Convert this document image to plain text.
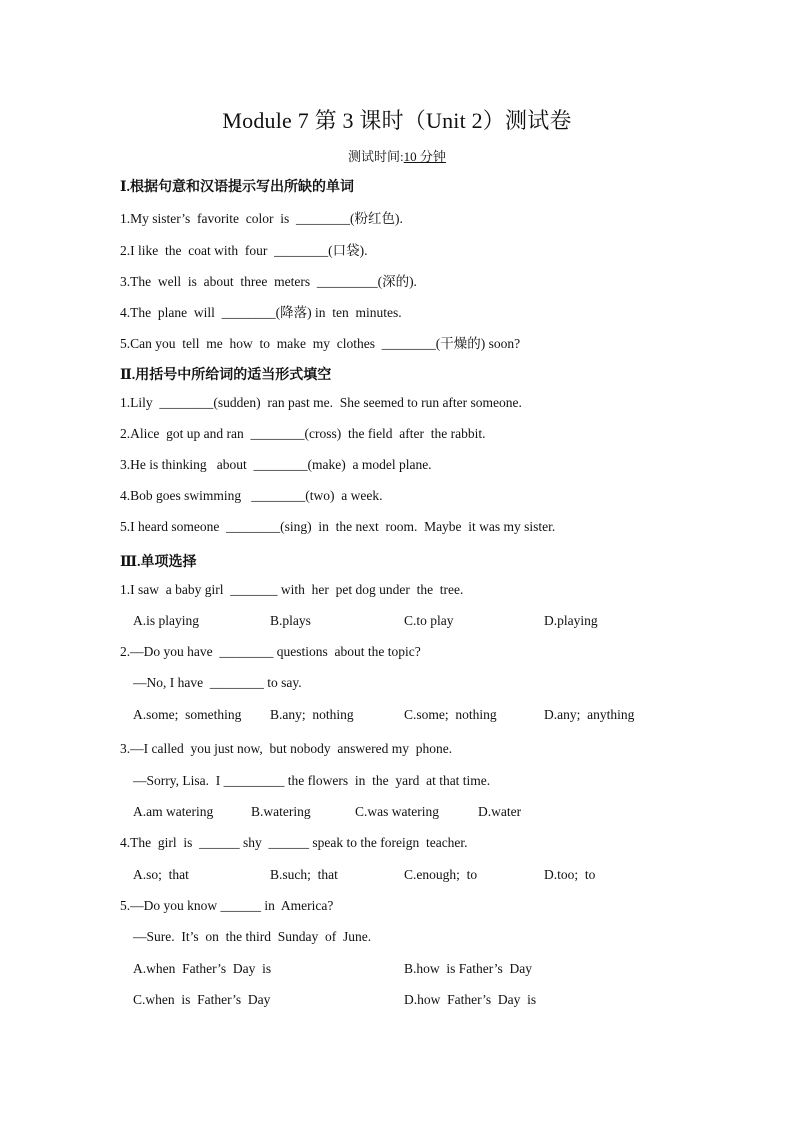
Module 7 第 3 课时（Unit 2）测试卷
测试时间:10 分钟
Ⅰ.根据句意和汉语提示写出所缺的单词
1.My sister’s  favorite  color  is  ________(粉红色).
2.I like  the  coat with  four  ________(口袋).
3.The  well  is  about  three  meters  _________(深的).
4.The  plane  will  ________(降落) in  ten  minutes.
5.Can you  tell  me  how  to  make  my  clothes  ________(干燥的) soon?
Ⅱ.用括号中所给词的适当形式填空
1.Lily  ________(sudden)  ran past me.  She seemed to run after someone.
2.Alice  got up and ran  ________(cross)  the field  after  the rabbit.
3.He is thinking   about  ________(make)  a model plane.
4.Bob goes swimming   ________(two)  a week.
5.I heard someone  ________(sing)  in  the next  room.  Maybe  it was my sister.
Ⅲ.单项选择
1.I saw  a baby girl  _______ with  her  pet dog under  the  tree.
A.is playing	B.plays	C.to play	D.playing
2.—Do you have  ________ questions  about the topic?
—No, I have  ________ to say.
A.some;  something B.any;  nothing	C.some;  nothing	D.any;  anything
3.—I called  you just now,  but nobody  answered my  phone.
—Sorry, Lisa.  I _________ the flowers  in  the  yard  at that time.
A.am watering	B.watering	C.was watering	D.water
4.The  girl  is  ______ shy  ______ speak to the foreign  teacher.
A.so;  that	B.such;  that	C.enough;  to	D.too;  to
5.—Do you know ______ in  America?
—Sure.  It’s  on  the third  Sunday  of  June.
A.when  Father’s  Day  is	B.how  is Father’s  Day
C.when  is  Father’s  Day	D.how  Father’s  Day  is
